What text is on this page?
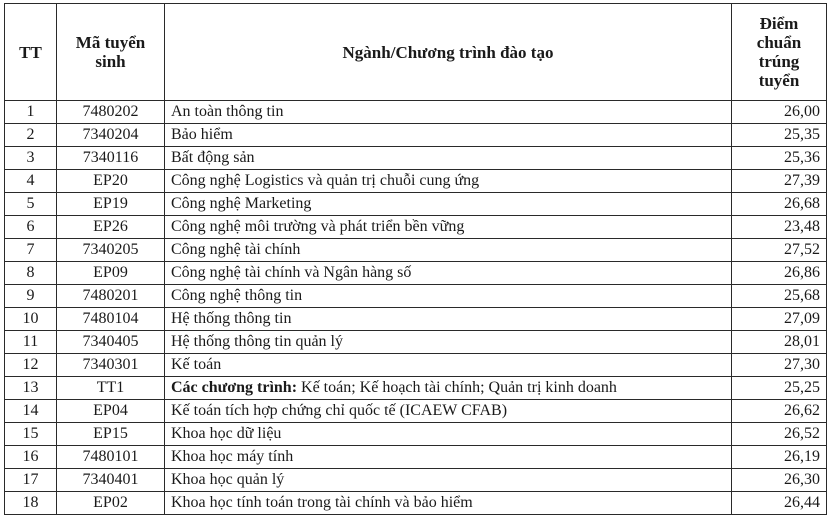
TT	Mã tuyển sinh	Ngành/Chương trình đào tạo	Điểm chuẩn trúng tuyển
1	7480202	An toàn thông tin	26,00
2	7340204	Bảo hiểm	25,35
3	7340116	Bất động sản	25,36
4	EP20	Công nghệ Logistics và quản trị chuỗi cung ứng	27,39
5	EP19	Công nghệ Marketing	26,68
6	EP26	Công nghệ môi trường và phát triển bền vững	23,48
7	7340205	Công nghệ tài chính	27,52
8	EP09	Công nghệ tài chính và Ngân hàng số	26,86
9	7480201	Công nghệ thông tin	25,68
10	7480104	Hệ thống thông tin	27,09
11	7340405	Hệ thống thông tin quản lý	28,01
12	7340301	Kế toán	27,30
13	TT1	Các chương trình: Kế toán; Kế hoạch tài chính; Quản trị kinh doanh	25,25
14	EP04	Kế toán tích hợp chứng chỉ quốc tế (ICAEW CFAB)	26,62
15	EP15	Khoa học dữ liệu	26,52
16	7480101	Khoa học máy tính	26,19
17	7340401	Khoa học quản lý	26,30
18	EP02	Khoa học tính toán trong tài chính và bảo hiểm	26,44
